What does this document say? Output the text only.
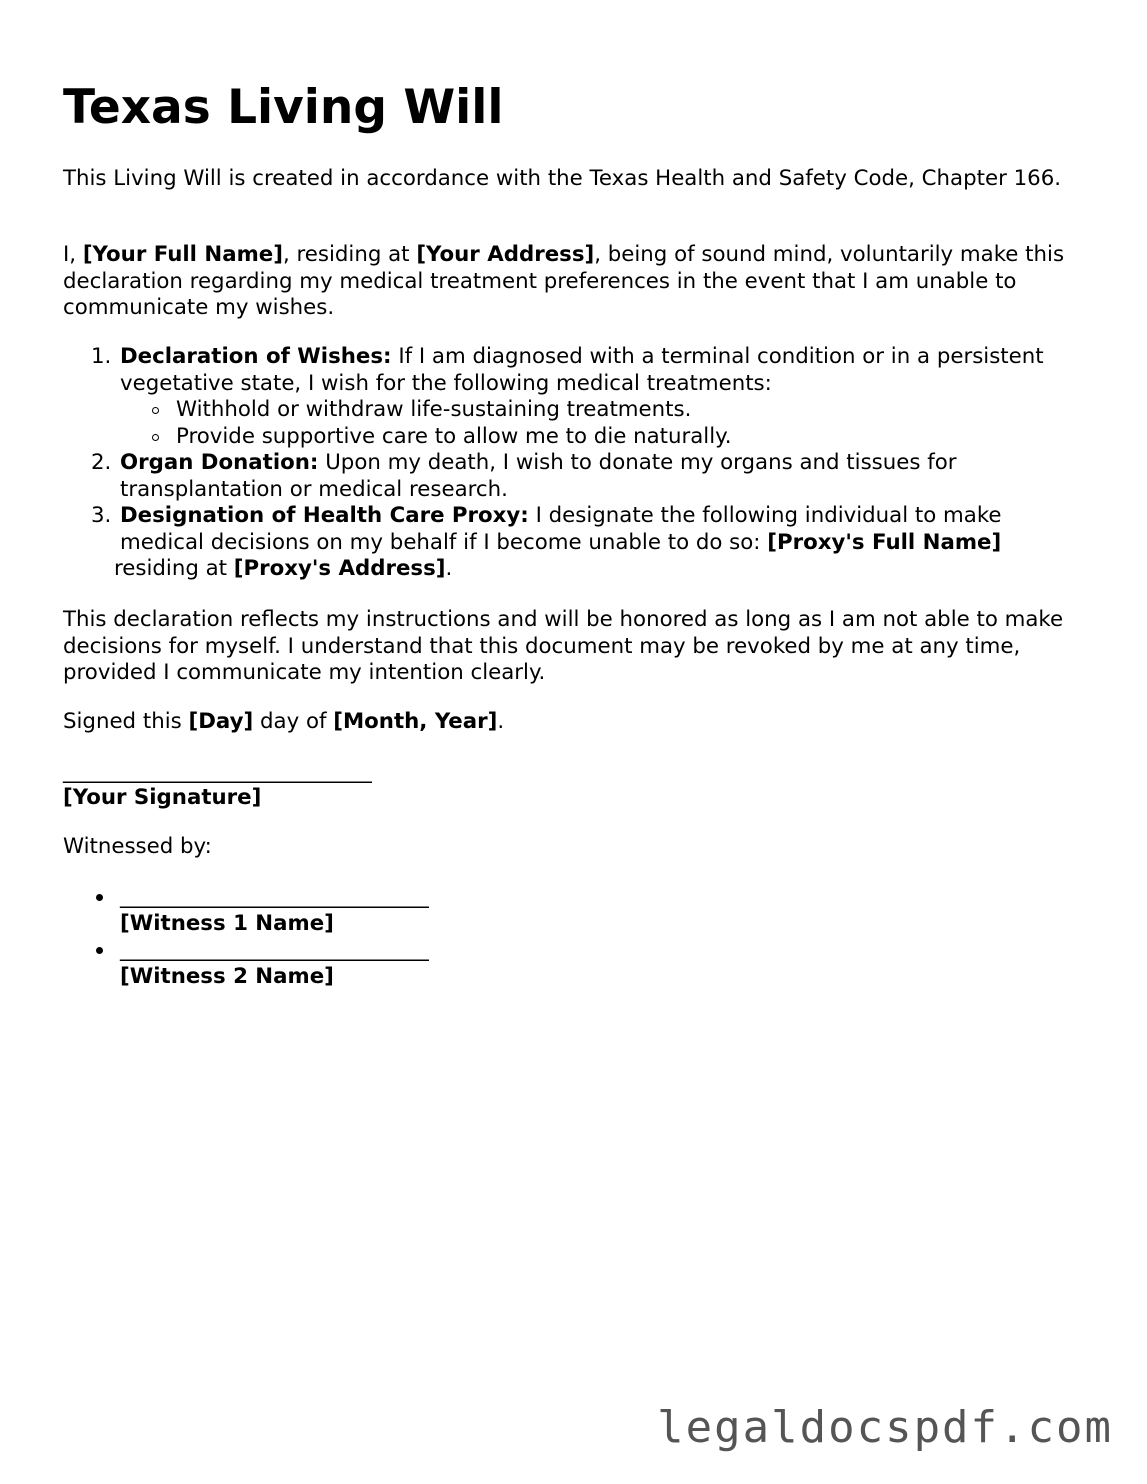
Texas Living Will

This Living Will is created in accordance with the Texas Health and Safety Code, Chapter 166.

I, [Your Full Name], residing at [Your Address], being of sound mind, voluntarily make this declaration regarding my medical treatment preferences in the event that I am unable to communicate my wishes.

1. Declaration of Wishes: If I am diagnosed with a terminal condition or in a persistent vegetative state, I wish for the following medical treatments:
Withhold or withdraw life-sustaining treatments.
Provide supportive care to allow me to die naturally.
2. Organ Donation: Upon my death, I wish to donate my organs and tissues for transplantation or medical research.
3. Designation of Health Care Proxy: I designate the following individual to make medical decisions on my behalf if I become unable to do so: [Proxy's Full Name]
residing at [Proxy's Address].

This declaration reflects my instructions and will be honored as long as I am not able to make decisions for myself. I understand that this document may be revoked by me at any time, provided I communicate my intention clearly.

Signed this [Day] day of [Month, Year].

_____________________________
[Your Signature]

Witnessed by:

_____________________________
[Witness 1 Name]
_____________________________
[Witness 2 Name]
legaldocspdf.com
